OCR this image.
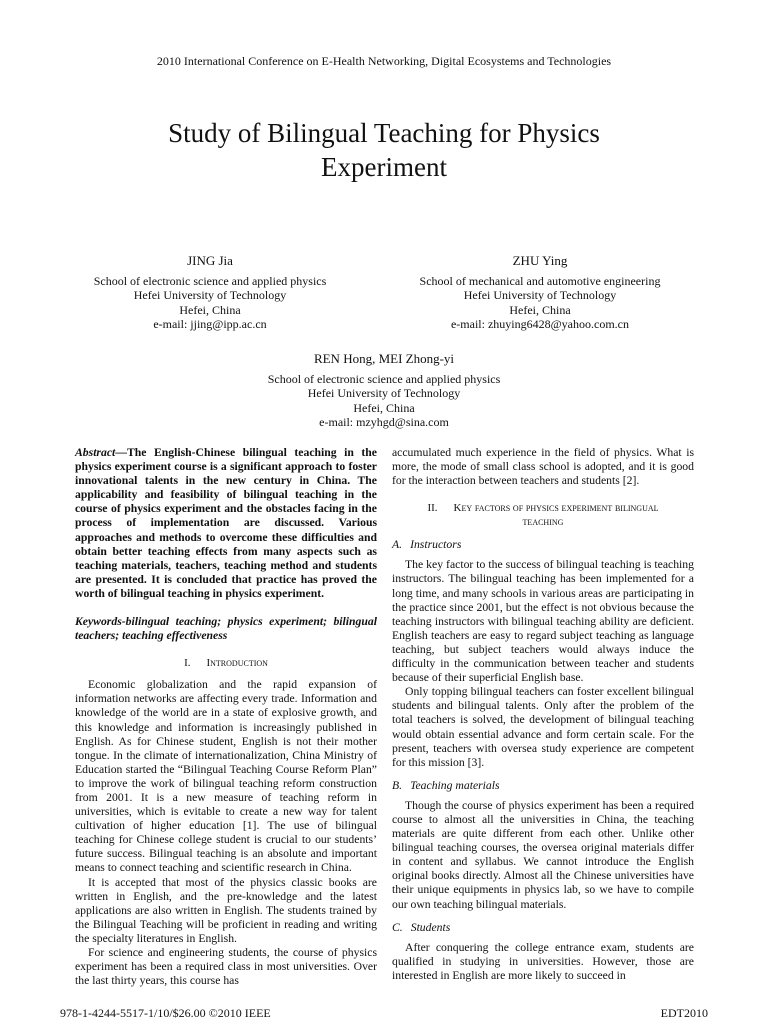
2010 International Conference on E-Health Networking, Digital Ecosystems and Technologies
Study of Bilingual Teaching for Physics
Experiment
JING Jia
School of electronic science and applied physics
Hefei University of Technology
Hefei, China
e-mail: jjing@ipp.ac.cn
ZHU Ying
School of mechanical and automotive engineering
Hefei University of Technology
Hefei, China
e-mail: zhuying6428@yahoo.com.cn
REN Hong, MEI Zhong-yi
School of electronic science and applied physics
Hefei University of Technology
Hefei, China
e-mail: mzyhgd@sina.com

Abstract—The English-Chinese bilingual teaching in the physics experiment course is a significant approach to foster innovational talents in the new century in China. The applicability and feasibility of bilingual teaching in the course of physics experiment and the obstacles facing in the process of implementation are discussed. Various approaches and methods to overcome these difficulties and obtain better teaching effects from many aspects such as teaching materials, teachers, teaching method and students are presented. It is concluded that practice has proved the worth of bilingual teaching in physics experiment.

Keywords-bilingual teaching; physics experiment; bilingual teachers; teaching effectiveness

I. Introduction

Economic globalization and the rapid expansion of information networks are affecting every trade. Information and knowledge of the world are in a state of explosive growth, and this knowledge and information is increasingly published in English. As for Chinese student, English is not their mother tongue. In the climate of internationalization, China Ministry of Education started the “Bilingual Teaching Course Reform Plan” to improve the work of bilingual teaching reform construction from 2001. It is a new measure of teaching reform in universities, which is evitable to create a new way for talent cultivation of higher education [1]. The use of bilingual teaching for Chinese college student is crucial to our students’ future success. Bilingual teaching is an absolute and important means to connect teaching and scientific research in China.

It is accepted that most of the physics classic books are written in English, and the pre-knowledge and the latest applications are also written in English. The students trained by the Bilingual Teaching will be proficient in reading and writing the specialty literatures in English.

For science and engineering students, the course of physics experiment has been a required class in most universities. Over the last thirty years, this course has

accumulated much experience in the field of physics. What is more, the mode of small class school is adopted, and it is good for the interaction between teachers and students [2].

II. Key factors of physics experiment bilingual
teaching
A. Instructors

The key factor to the success of bilingual teaching is teaching instructors. The bilingual teaching has been implemented for a long time, and many schools in various areas are participating in the practice since 2001, but the effect is not obvious because the teaching instructors with bilingual teaching ability are deficient. English teachers are easy to regard subject teaching as language teaching, but subject teachers would always induce the difficulty in the communication between teacher and students because of their superficial English base.

Only topping bilingual teachers can foster excellent bilingual students and bilingual talents. Only after the problem of the total teachers is solved, the development of bilingual teaching would obtain essential advance and form certain scale. For the present, teachers with oversea study experience are competent for this mission [3].

B. Teaching materials

Though the course of physics experiment has been a required course to almost all the universities in China, the teaching materials are quite different from each other. Unlike other bilingual teaching courses, the oversea original materials differ in content and syllabus. We cannot introduce the English original books directly. Almost all the Chinese universities have their unique equipments in physics lab, so we have to compile our own teaching bilingual materials.

C. Students

After conquering the college entrance exam, students are qualified in studying in universities. However, those are interested in English are more likely to succeed in

978-1-4244-5517-1/10/$26.00 ©2010 IEEE	EDT2010
